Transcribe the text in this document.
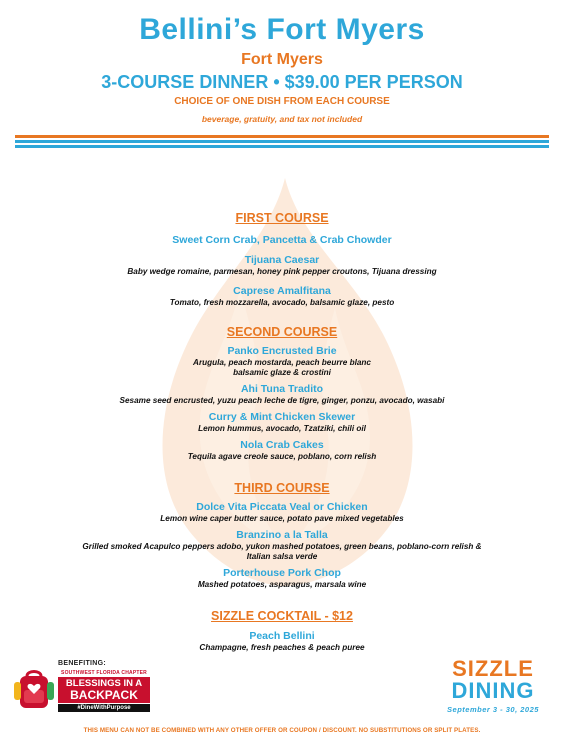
Bellini’s Fort Myers
Fort Myers
3-COURSE DINNER • $39.00 PER PERSON
CHOICE OF ONE DISH FROM EACH COURSE
beverage, gratuity, and tax not included
FIRST COURSE
Sweet Corn Crab, Pancetta & Crab Chowder
Tijuana Caesar
Baby wedge romaine, parmesan, honey pink pepper croutons, Tijuana dressing
Caprese Amalfitana
Tomato, fresh mozzarella, avocado, balsamic glaze, pesto
SECOND COURSE
Panko Encrusted Brie
Arugula, peach mostarda, peach beurre blanc
balsamic glaze & crostini
Ahi Tuna Tradito
Sesame seed encrusted, yuzu peach leche de tigre, ginger, ponzu, avocado, wasabi
Curry & Mint Chicken Skewer
Lemon hummus, avocado, Tzatziki, chili oil
Nola Crab Cakes
Tequila agave creole sauce, poblano, corn relish
THIRD COURSE
Dolce Vita Piccata Veal or Chicken
Lemon wine caper butter sauce, potato pave mixed vegetables
Branzino a la Talla
Grilled smoked Acapulco peppers adobo, yukon mashed potatoes, green beans, poblano-corn relish &
Italian salsa verde
Porterhouse Pork Chop
Mashed potatoes, asparagus, marsala wine
SIZZLE COCKTAIL - $12
Peach Bellini
Champagne, fresh peaches & peach puree
BENEFITING:
SOUTHWEST FLORIDA CHAPTER
BLESSINGS IN A
BACKPACK
#DineWithPurpose
SIZZLE
DINING
September 3 - 30, 2025
THIS MENU CAN NOT BE COMBINED WITH ANY OTHER OFFER OR COUPON / DISCOUNT. NO SUBSTITUTIONS OR SPLIT PLATES.
